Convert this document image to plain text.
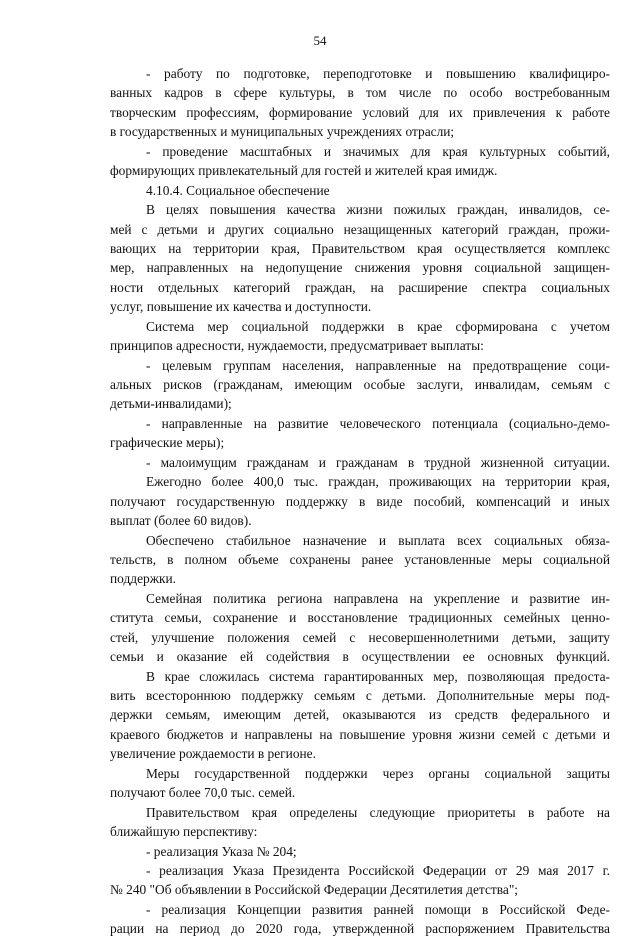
54
- работу по подготовке, переподготовке и повышению квалифициро-
ванных кадров в сфере культуры, в том числе по особо востребованным
творческим профессиям, формирование условий для их привлечения к работе
в государственных и муниципальных учреждениях отрасли;
- проведение масштабных и значимых для края культурных событий,
формирующих привлекательный для гостей и жителей края имидж.
4.10.4. Социальное обеспечение
В целях повышения качества жизни пожилых граждан, инвалидов, се-
мей с детьми и других социально незащищенных категорий граждан, прожи-
вающих на территории края, Правительством края осуществляется комплекс
мер, направленных на недопущение снижения уровня социальной защищен-
ности отдельных категорий граждан, на расширение спектра социальных
услуг, повышение их качества и доступности.
Система мер социальной поддержки в крае сформирована с учетом
принципов адресности, нуждаемости, предусматривает выплаты:
- целевым группам населения, направленные на предотвращение соци-
альных рисков (гражданам, имеющим особые заслуги, инвалидам, семьям с
детьми-инвалидами);
- направленные на развитие человеческого потенциала (социально-демо-
графические меры);
- малоимущим гражданам и гражданам в трудной жизненной ситуации.
Ежегодно более 400,0 тыс. граждан, проживающих на территории края,
получают государственную поддержку в виде пособий, компенсаций и иных
выплат (более 60 видов).
Обеспечено стабильное назначение и выплата всех социальных обяза-
тельств, в полном объеме сохранены ранее установленные меры социальной
поддержки.
Семейная политика региона направлена на укрепление и развитие ин-
ститута семьи, сохранение и восстановление традиционных семейных ценно-
стей, улучшение положения семей с несовершеннолетними детьми, защиту
семьи и оказание ей содействия в осуществлении ее основных функций.
В крае сложилась система гарантированных мер, позволяющая предоста-
вить всестороннюю поддержку семьям с детьми. Дополнительные меры под-
держки семьям, имеющим детей, оказываются из средств федерального и
краевого бюджетов и направлены на повышение уровня жизни семей с детьми и
увеличение рождаемости в регионе.
Меры государственной поддержки через органы социальной защиты
получают более 70,0 тыс. семей.
Правительством края определены следующие приоритеты в работе на
ближайшую перспективу:
- реализация Указа № 204;
- реализация Указа Президента Российской Федерации от 29 мая 2017 г.
№ 240 "Об объявлении в Российской Федерации Десятилетия детства";
- реализация Концепции развития ранней помощи в Российской Феде-
рации на период до 2020 года, утвержденной распоряжением Правительства
